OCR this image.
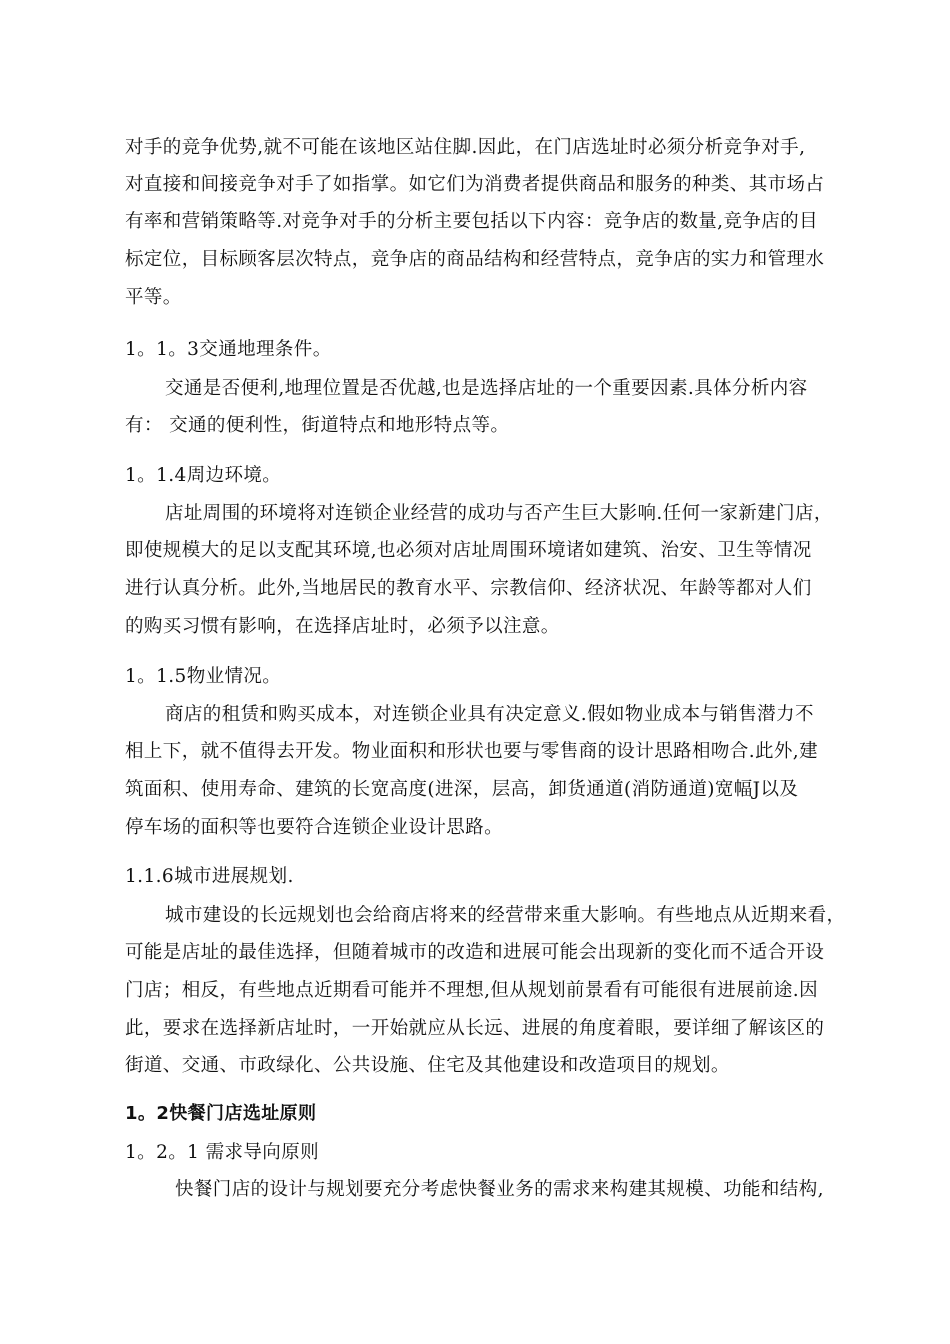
对手的竞争优势,就不可能在该地区站住脚.因此，在门店选址时必须分析竞争对手,
对直接和间接竞争对手了如指掌。如它们为消费者提供商品和服务的种类、其市场占
有率和营销策略等.对竞争对手的分析主要包括以下内容：竞争店的数量,竞争店的目
标定位，目标顾客层次特点，竞争店的商品结构和经营特点，竞争店的实力和管理水
平等。
1。1。3交通地理条件。
交通是否便利,地理位置是否优越,也是选择店址的一个重要因素.具体分析内容
有： 交通的便利性，街道特点和地形特点等。
1。1.4周边环境。
店址周围的环境将对连锁企业经营的成功与否产生巨大影响.任何一家新建门店，
即使规模大的足以支配其环境,也必须对店址周围环境诸如建筑、治安、卫生等情况
进行认真分析。此外,当地居民的教育水平、宗教信仰、经济状况、年龄等都对人们
的购买习惯有影响，在选择店址时，必须予以注意。
1。1.5物业情况。
商店的租赁和购买成本，对连锁企业具有决定意义.假如物业成本与销售潜力不
相上下，就不值得去开发。物业面积和形状也要与零售商的设计思路相吻合.此外,建
筑面积、使用寿命、建筑的长宽高度(进深，层高，卸货通道(消防通道)宽幅J以及
停车场的面积等也要符合连锁企业设计思路。
1.1.6城市进展规划.
城市建设的长远规划也会给商店将来的经营带来重大影响。有些地点从近期来看，
可能是店址的最佳选择，但随着城市的改造和进展可能会出现新的变化而不适合开设
门店；相反，有些地点近期看可能并不理想,但从规划前景看有可能很有进展前途.因
此，要求在选择新店址时，一开始就应从长远、进展的角度着眼，要详细了解该区的
街道、交通、市政绿化、公共设施、住宅及其他建设和改造项目的规划。
1。2快餐门店选址原则
1。2。1 需求导向原则
快餐门店的设计与规划要充分考虑快餐业务的需求来构建其规模、功能和结构,
